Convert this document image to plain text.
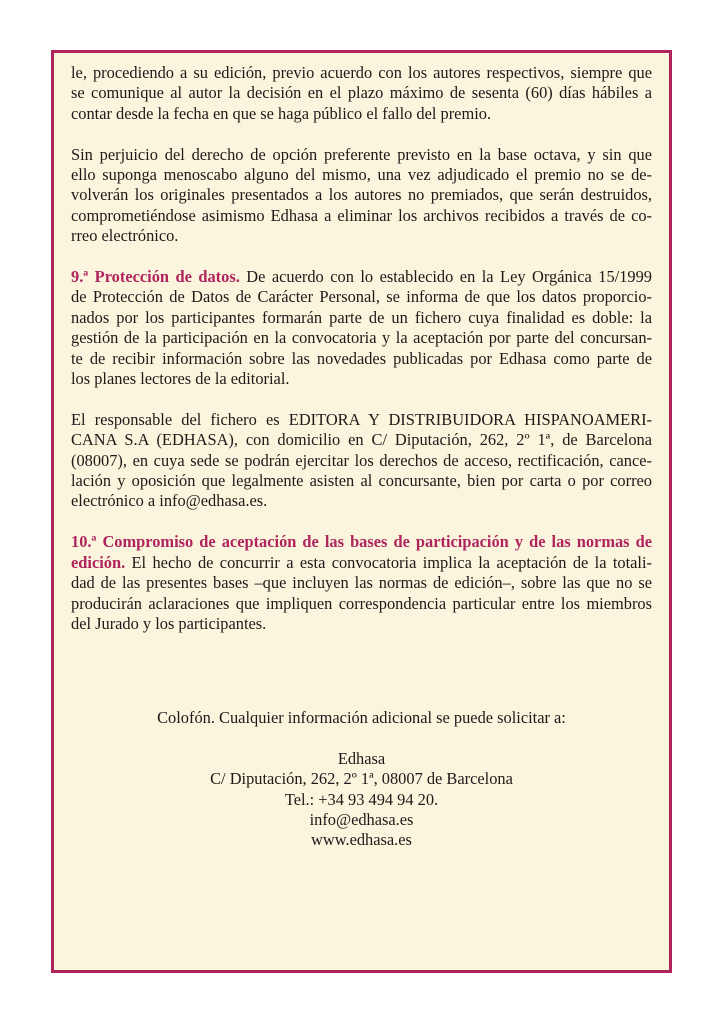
le, procediendo a su edición, previo acuerdo con los autores respectivos, siempre que
se comunique al autor la decisión en el plazo máximo de sesenta (60) días hábiles a
contar desde la fecha en que se haga público el fallo del premio.

Sin perjuicio del derecho de opción preferente previsto en la base octava, y sin que
ello suponga menoscabo alguno del mismo, una vez adjudicado el premio no se de-
volverán los originales presentados a los autores no premiados, que serán destruidos,
comprometiéndose asimismo Edhasa a eliminar los archivos recibidos a través de co-
rreo electrónico.

9.ª Protección de datos. De acuerdo con lo establecido en la Ley Orgánica 15/1999
de Protección de Datos de Carácter Personal, se informa de que los datos proporcio-
nados por los participantes formarán parte de un fichero cuya finalidad es doble: la
gestión de la participación en la convocatoria y la aceptación por parte del concursan-
te de recibir información sobre las novedades publicadas por Edhasa como parte de
los planes lectores de la editorial.

El responsable del fichero es EDITORA Y DISTRIBUIDORA HISPANOAMERI-
CANA S.A (EDHASA), con domicilio en C/ Diputación, 262, 2º 1ª, de Barcelona
(08007), en cuya sede se podrán ejercitar los derechos de acceso, rectificación, cance-
lación y oposición que legalmente asisten al concursante, bien por carta o por correo
electrónico a info@edhasa.es.

10.ª Compromiso de aceptación de las bases de participación y de las normas de
edición. El hecho de concurrir a esta convocatoria implica la aceptación de la totali-
dad de las presentes bases –que incluyen las normas de edición–, sobre las que no se
producirán aclaraciones que impliquen correspondencia particular entre los miembros
del Jurado y los participantes.

Colofón. Cualquier información adicional se puede solicitar a:
Edhasa
C/ Diputación, 262, 2º 1ª, 08007 de Barcelona
Tel.: +34 93 494 94 20.
info@edhasa.es
www.edhasa.es
